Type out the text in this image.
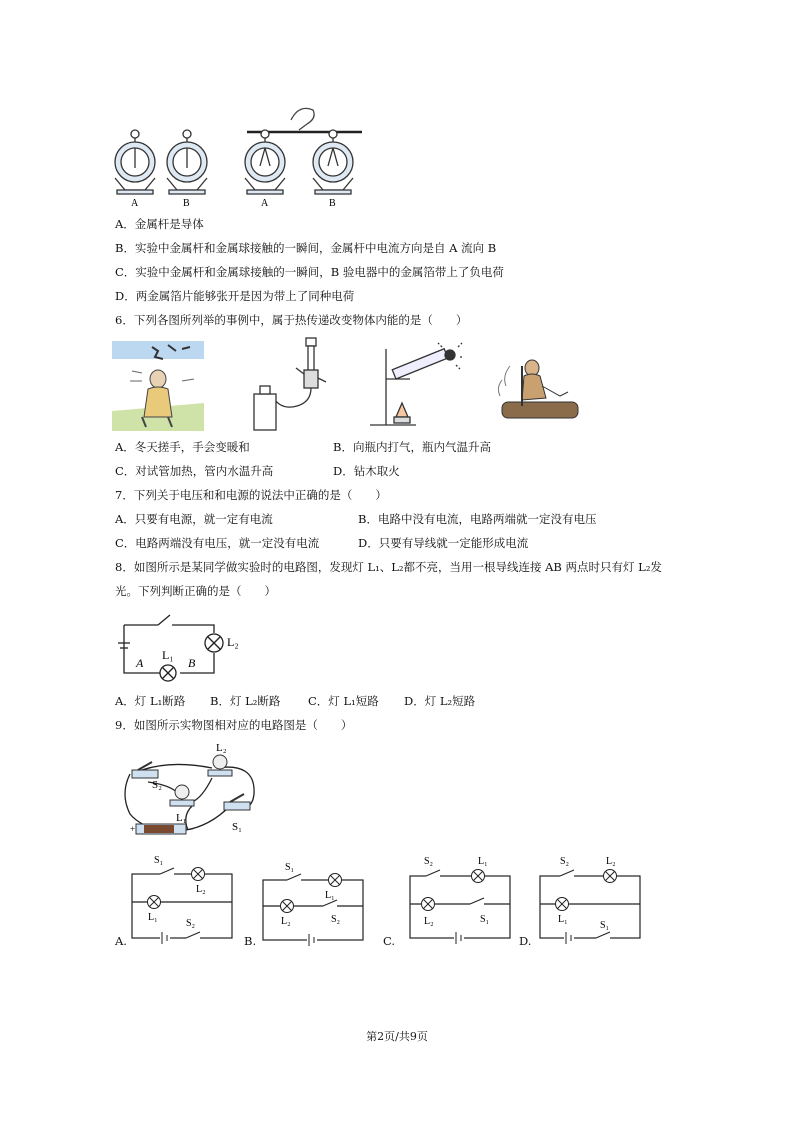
A	B	A	B
A．金属杆是导体
B．实验中金属杆和金属球接触的一瞬间，金属杆中电流方向是自 A 流向 B
C．实验中金属杆和金属球接触的一瞬间，B 验电器中的金属箔带上了负电荷
D．两金属箔片能够张开是因为带上了同种电荷
6．下列各图所列举的事例中，属于热传递改变物体内能的是（　　）
A．冬天搓手，手会变暖和	B．向瓶内打气，瓶内气温升高
C．对试管加热，管内水温升高	D．钻木取火
7．下列关于电压和和电源的说法中正确的是（　　）
A．只要有电源，就一定有电流	B．电路中没有电流，电路两端就一定没有电压
C．电路两端没有电压，就一定没有电流	D．只要有导线就一定能形成电流
8．如图所示是某同学做实验时的电路图，发现灯 L₁、L₂都不亮，当用一根导线连接 AB 两点时只有灯 L₂发
光。下列判断正确的是（　　）
L₂
L₁
A	B
A．灯 L₁断路 B．灯 L₂断路 C．灯 L₁短路 D．灯 L₂短路
9．如图所示实物图相对应的电路图是（　　）
+	−
L₂
S₂
L₁
S₁
A.
S₁
L₂
L₁
S₂
B.
S₁
L₁
L₂	S₂
C.
S₂	L₁
L₂	S₁
D.
S₂	L₂
L₁
S₁
第2页/共9页
